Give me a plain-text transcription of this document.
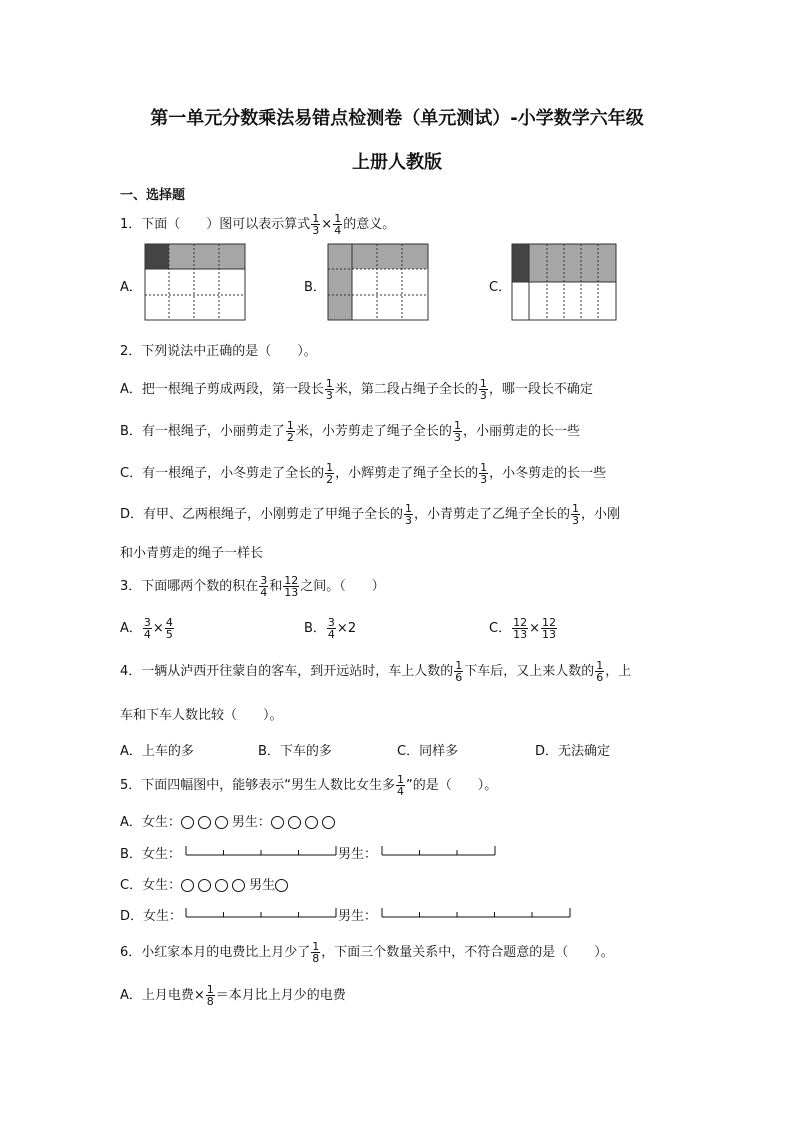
第一单元分数乘法易错点检测卷（单元测试）-小学数学六年级
上册人教版
一、选择题
1．下面（　　）图可以表示算式 $\frac{1}{3} \times \frac{1}{4}$ 的意义。
A．	B．	C．
2．下列说法中正确的是（　　）。
A．把一根绳子剪成两段，第一段长 $\frac{1}{3}$ 米，第二段占绳子全长的 $\frac{1}{3}$ ，哪一段长不确定
B．有一根绳子，小丽剪走了 $\frac{1}{2}$ 米，小芳剪走了绳子全长的 $\frac{1}{3}$ ，小丽剪走的长一些
C．有一根绳子，小冬剪走了全长的 $\frac{1}{2}$ ，小辉剪走了绳子全长的 $\frac{1}{3}$ ，小冬剪走的长一些
D．有甲、乙两根绳子，小刚剪走了甲绳子全长的 $\frac{1}{3}$ ，小青剪走了乙绳子全长的 $\frac{1}{3}$ ，小刚
和小青剪走的绳子一样长
3．下面哪两个数的积在 $\frac{3}{4}$ 和 $\frac{12}{13}$ 之间。（　　）
A． $\frac{3}{4} \times \frac{4}{5}$	B． $\frac{3}{4} \times 2$	C． $\frac{12}{13} \times \frac{12}{13}$
4．一辆从泸西开往蒙自的客车，到开远站时，车上人数的 $\frac{1}{6}$ 下车后，又上来人数的 $\frac{1}{6}$ ，上
车和下车人数比较（　　）。
A．上车的多	B．下车的多	C．同样多	D．无法确定
5．下面四幅图中，能够表示“男生人数比女生多 $\frac{1}{4}$ ”的是（　　）。
A．女生：	男生：
B．女生：	男生：
C．女生：	男生
D．女生：	男生：
6．小红家本月的电费比上月少了 $\frac{1}{8}$ ，下面三个数量关系中，不符合题意的是（　　）。
A．上月电费× $\frac{1}{8}$ ＝本月比上月少的电费
